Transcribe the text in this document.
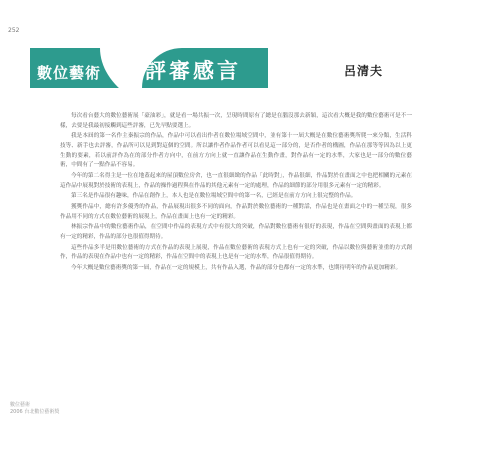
252
數位藝術 評審感言	呂清夫

每次看台藝大的數位藝術展「豪油彩」，就是看一場共振一次，呈現時間原有了總是在腦沒那去新穎，這次看大概是我的數位藝術可是不一樣，去要是我最初接觸到這些評審，已先早點要選上。

我是本屆的第一名作主秦振宗的作品，作品中可以看出作者在數位場域空間中，並有第十一屆大概是在數位藝術獎所爬一來分類，生活科技等、新手也去評審，作品所可以見到對這個的空間。所以讓作者作品作者可以看見這一部分的，是否作者的構圖，作品在那等等因為以上更生動的要素，若以前評作為在的部分作者方向中，在前方方向上就一直讓作品在生動作畫，對作品有一定的水準，大家也是一部分的數位藝術，中間有了一點作品不容易。

今年的第二名得主是一位在地蓋起來的屋頂數位房舍，也一直很細緻的作品「此時對」，作品很細，作品對於在畫面之中也把相關的元素在這作品中展現對於技術的表現上，作品的操作過程與在作品的其他元素有一定的處理，作品的細節的部分用很多元素有一定的精彩。

第三名是作品很有趣味，作品在創作上，本人也是在數位場域空間中的第一名，已經是在前方方向上很完整的作品。

獲獎作品中，總有許多優秀的作品，作品展現出很多不同的面向，作品對於數位藝術的一種對話，作品也是在畫面之中的一種呈現，很多作品用不同的方式在數位藝術的展現上，作品在畫面上也有一定的精彩。

林振宗作品中的數位藝術作品，在空間中作品的表現方式中有很大的突破，作品對數位藝術有很好的表現，作品在空間與畫面的表現上都有一定的精彩，作品的部分也很值得期待。

這些作品多半是用數位藝術的方式在作品的表現上展現，作品在數位藝術的表現方式上也有一定的突破，作品以數位與藝術並重的方式創作，作品的表現在作品中也有一定的精彩，作品在空間中的表現上也是有一定的水準，作品很值得期待。

今年大概是數位藝術獎的第一屆，作品在一定的規模上，共有作品入選，作品的部分也都有一定的水準，也期待明年的作品更加精彩。

數位藝術
2006 台北數位藝術獎
